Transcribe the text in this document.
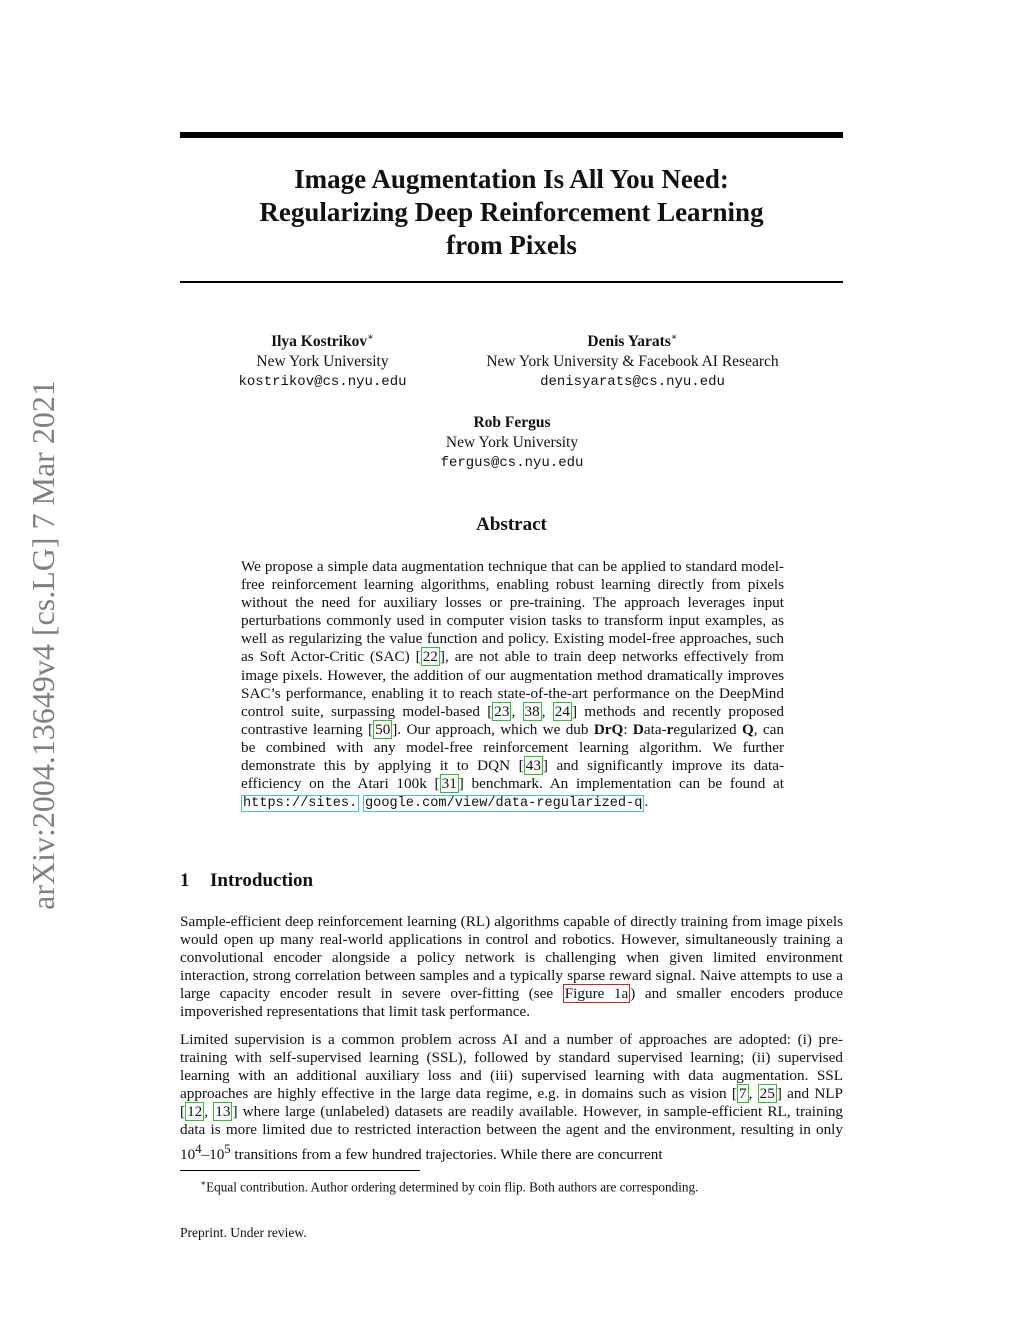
arXiv:2004.13649v4 [cs.LG] 7 Mar 2021
Image Augmentation Is All You Need:
Regularizing Deep Reinforcement Learning
from Pixels
Ilya Kostrikov∗
New York University
kostrikov@cs.nyu.edu
Denis Yarats∗
New York University & Facebook AI Research
denisyarats@cs.nyu.edu
Rob Fergus
New York University
fergus@cs.nyu.edu
Abstract

We propose a simple data augmentation technique that can be applied to standard model-free reinforcement learning algorithms, enabling robust learning directly from pixels without the need for auxiliary losses or pre-training. The approach leverages input perturbations commonly used in computer vision tasks to transform input examples, as well as regularizing the value function and policy. Existing model-free approaches, such as Soft Actor-Critic (SAC) [ 22 ], are not able to train deep networks effectively from image pixels. However, the addition of our augmentation method dramatically improves SAC’s performance, enabling it to reach state-of-the-art performance on the DeepMind control suite, surpassing model-based [ 23 , 38 , 24 ] methods and recently proposed contrastive learning [ 50 ]. Our approach, which we dub DrQ: Data-regularized Q, can be combined with any model-free reinforcement learning algorithm. We further demonstrate this by applying it to DQN [ 43 ] and significantly improve its data-efficiency on the Atari 100k [ 31 ] benchmark. An implementation can be found at https://sites. google.com/view/data-regularized-q .

1 Introduction

Sample-efficient deep reinforcement learning (RL) algorithms capable of directly training from image pixels would open up many real-world applications in control and robotics. However, simultaneously training a convolutional encoder alongside a policy network is challenging when given limited environment interaction, strong correlation between samples and a typically sparse reward signal. Naive attempts to use a large capacity encoder result in severe over-fitting (see Figure 1a ) and smaller encoders produce impoverished representations that limit task performance.

Limited supervision is a common problem across AI and a number of approaches are adopted: (i) pre-training with self-supervised learning (SSL), followed by standard supervised learning; (ii) supervised learning with an additional auxiliary loss and (iii) supervised learning with data augmentation. SSL approaches are highly effective in the large data regime, e.g. in domains such as vision [ 7 , 25 ] and NLP [ 12 , 13 ] where large (unlabeled) datasets are readily available. However, in sample-efficient RL, training data is more limited due to restricted interaction between the agent and the environment, resulting in only $10^4-10^5$ transitions from a few hundred trajectories. While there are concurrent

∗Equal contribution. Author ordering determined by coin flip. Both authors are corresponding.

Preprint. Under review.
